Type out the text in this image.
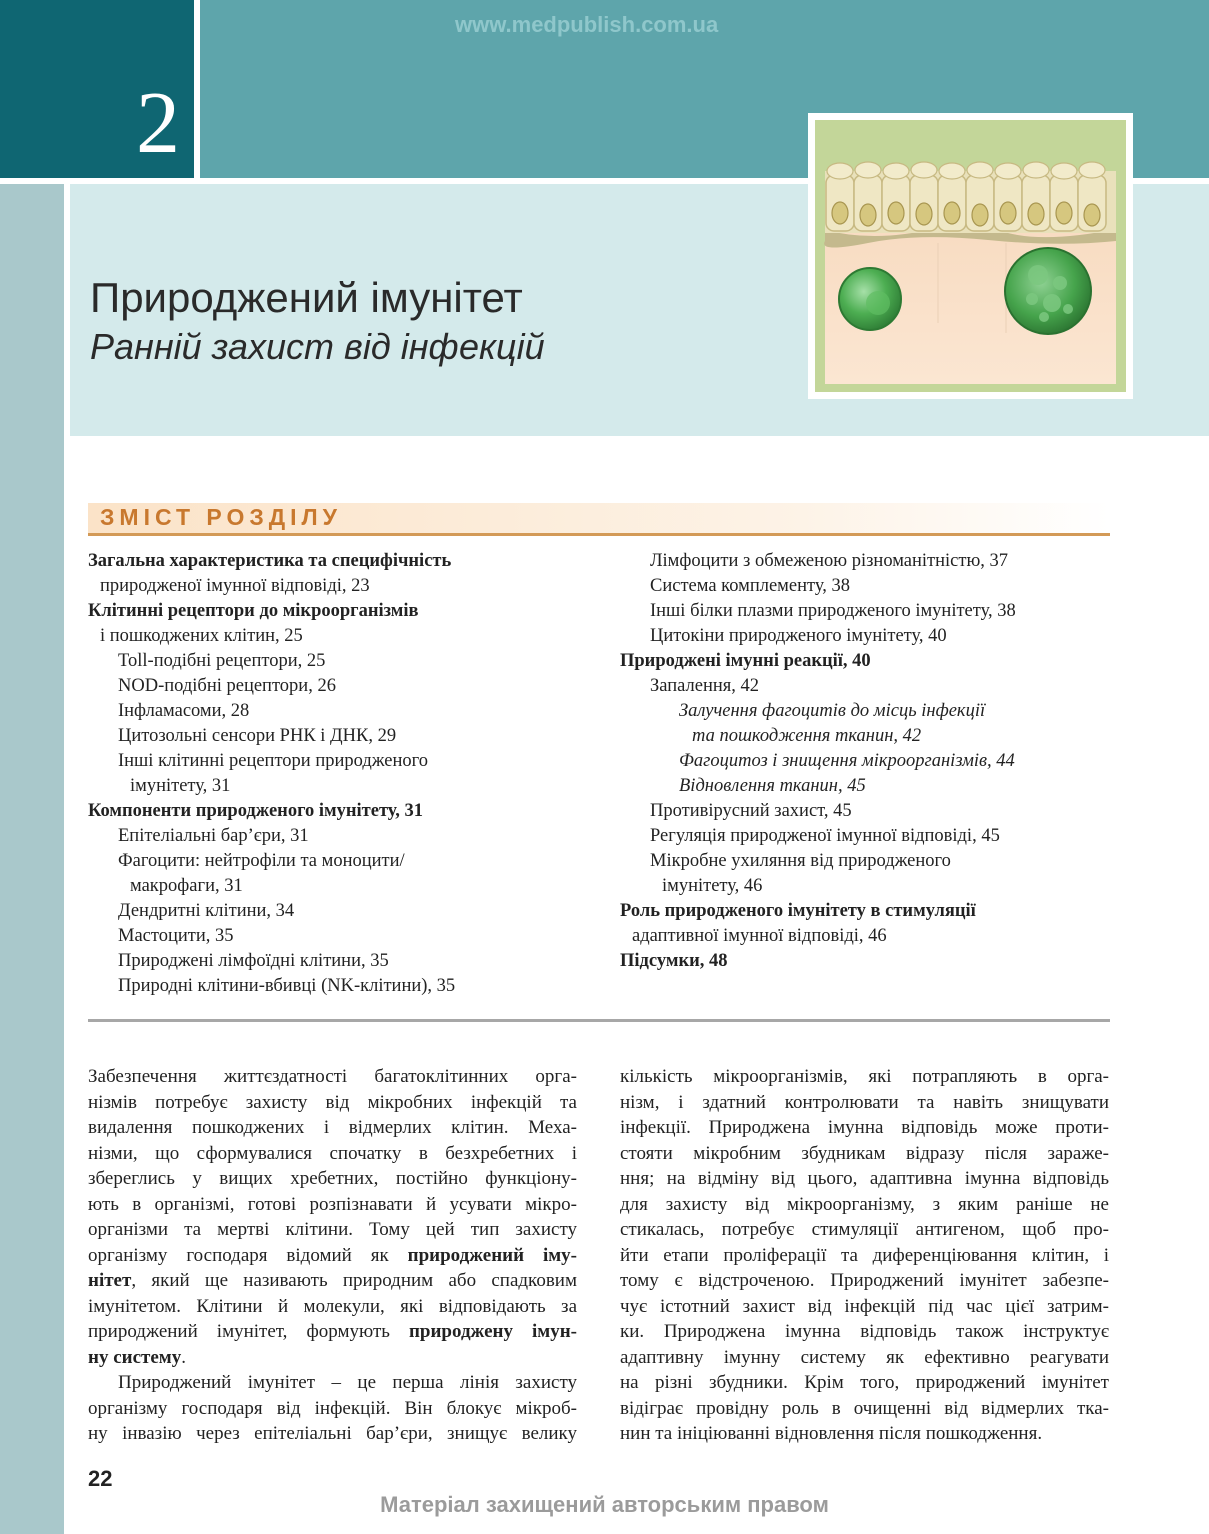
www.medpublish.com.ua
2
Природжений імунітет
Ранній захист від інфекцій
ЗМІСТ РОЗДІЛУ
Загальна характеристика та специфічність
природженої імунної відповіді, 23
Клітинні рецептори до мікроорганізмів
і пошкоджених клітин, 25
Toll-подібні рецептори, 25
NOD-подібні рецептори, 26
Інфламасоми, 28
Цитозольні сенсори РНК і ДНК, 29
Інші клітинні рецептори природженого
імунітету, 31
Компоненти природженого імунітету, 31
Епітеліальні бар’єри, 31
Фагоцити: нейтрофіли та моноцити/
макрофаги, 31
Дендритні клітини, 34
Мастоцити, 35
Природжені лімфоїдні клітини, 35
Природні клітини-вбивці (NK-клітини), 35
Лімфоцити з обмеженою різноманітністю, 37
Система комплементу, 38
Інші білки плазми природженого імунітету, 38
Цитокіни природженого імунітету, 40
Природжені імунні реакції, 40
Запалення, 42
Залучення фагоцитів до місць інфекції
та пошкодження тканин, 42
Фагоцитоз і знищення мікроорганізмів, 44
Відновлення тканин, 45
Противірусний захист, 45
Регуляція природженої імунної відповіді, 45
Мікробне ухиляння від природженого
імунітету, 46
Роль природженого імунітету в стимуляції
адаптивної імунної відповіді, 46
Підсумки, 48
Забезпечення життєздатності багатоклітинних орга-
нізмів потребує захисту від мікробних інфекцій та
видалення пошкоджених і відмерлих клітин. Меха-
нізми, що сформувалися спочатку в безхребетних і
збереглись у вищих хребетних, постійно функціону-
ють в організмі, готові розпізнавати й усувати мікро-
організми та мертві клітини. Тому цей тип захисту
організму господаря відомий як природжений іму-
нітет, який ще називають природним або спадковим
імунітетом. Клітини й молекули, які відповідають за
природжений імунітет, формують природжену імун-
ну систему.
Природжений імунітет – це перша лінія захисту
організму господаря від інфекцій. Він блокує мікроб-
ну інвазію через епітеліальні бар’єри, знищує велику
кількість мікроорганізмів, які потрапляють в орга-
нізм, і здатний контролювати та навіть знищувати
інфекції. Природжена імунна відповідь може проти-
стояти мікробним збудникам відразу після зараже-
ння; на відміну від цього, адаптивна імунна відповідь
для захисту від мікроорганізму, з яким раніше не
стикалась, потребує стимуляції антигеном, щоб про-
йти етапи проліферації та диференціювання клітин, і
тому є відстроченою. Природжений імунітет забезпе-
чує істотний захист від інфекцій під час цієї затрим-
ки. Природжена імунна відповідь також інструктує
адаптивну імунну систему як ефективно реагувати
на різні збудники. Крім того, природжений імунітет
відіграє провідну роль в очищенні від відмерлих тка-
нин та ініціюванні відновлення після пошкодження.
22
Матеріал захищений авторським правом
